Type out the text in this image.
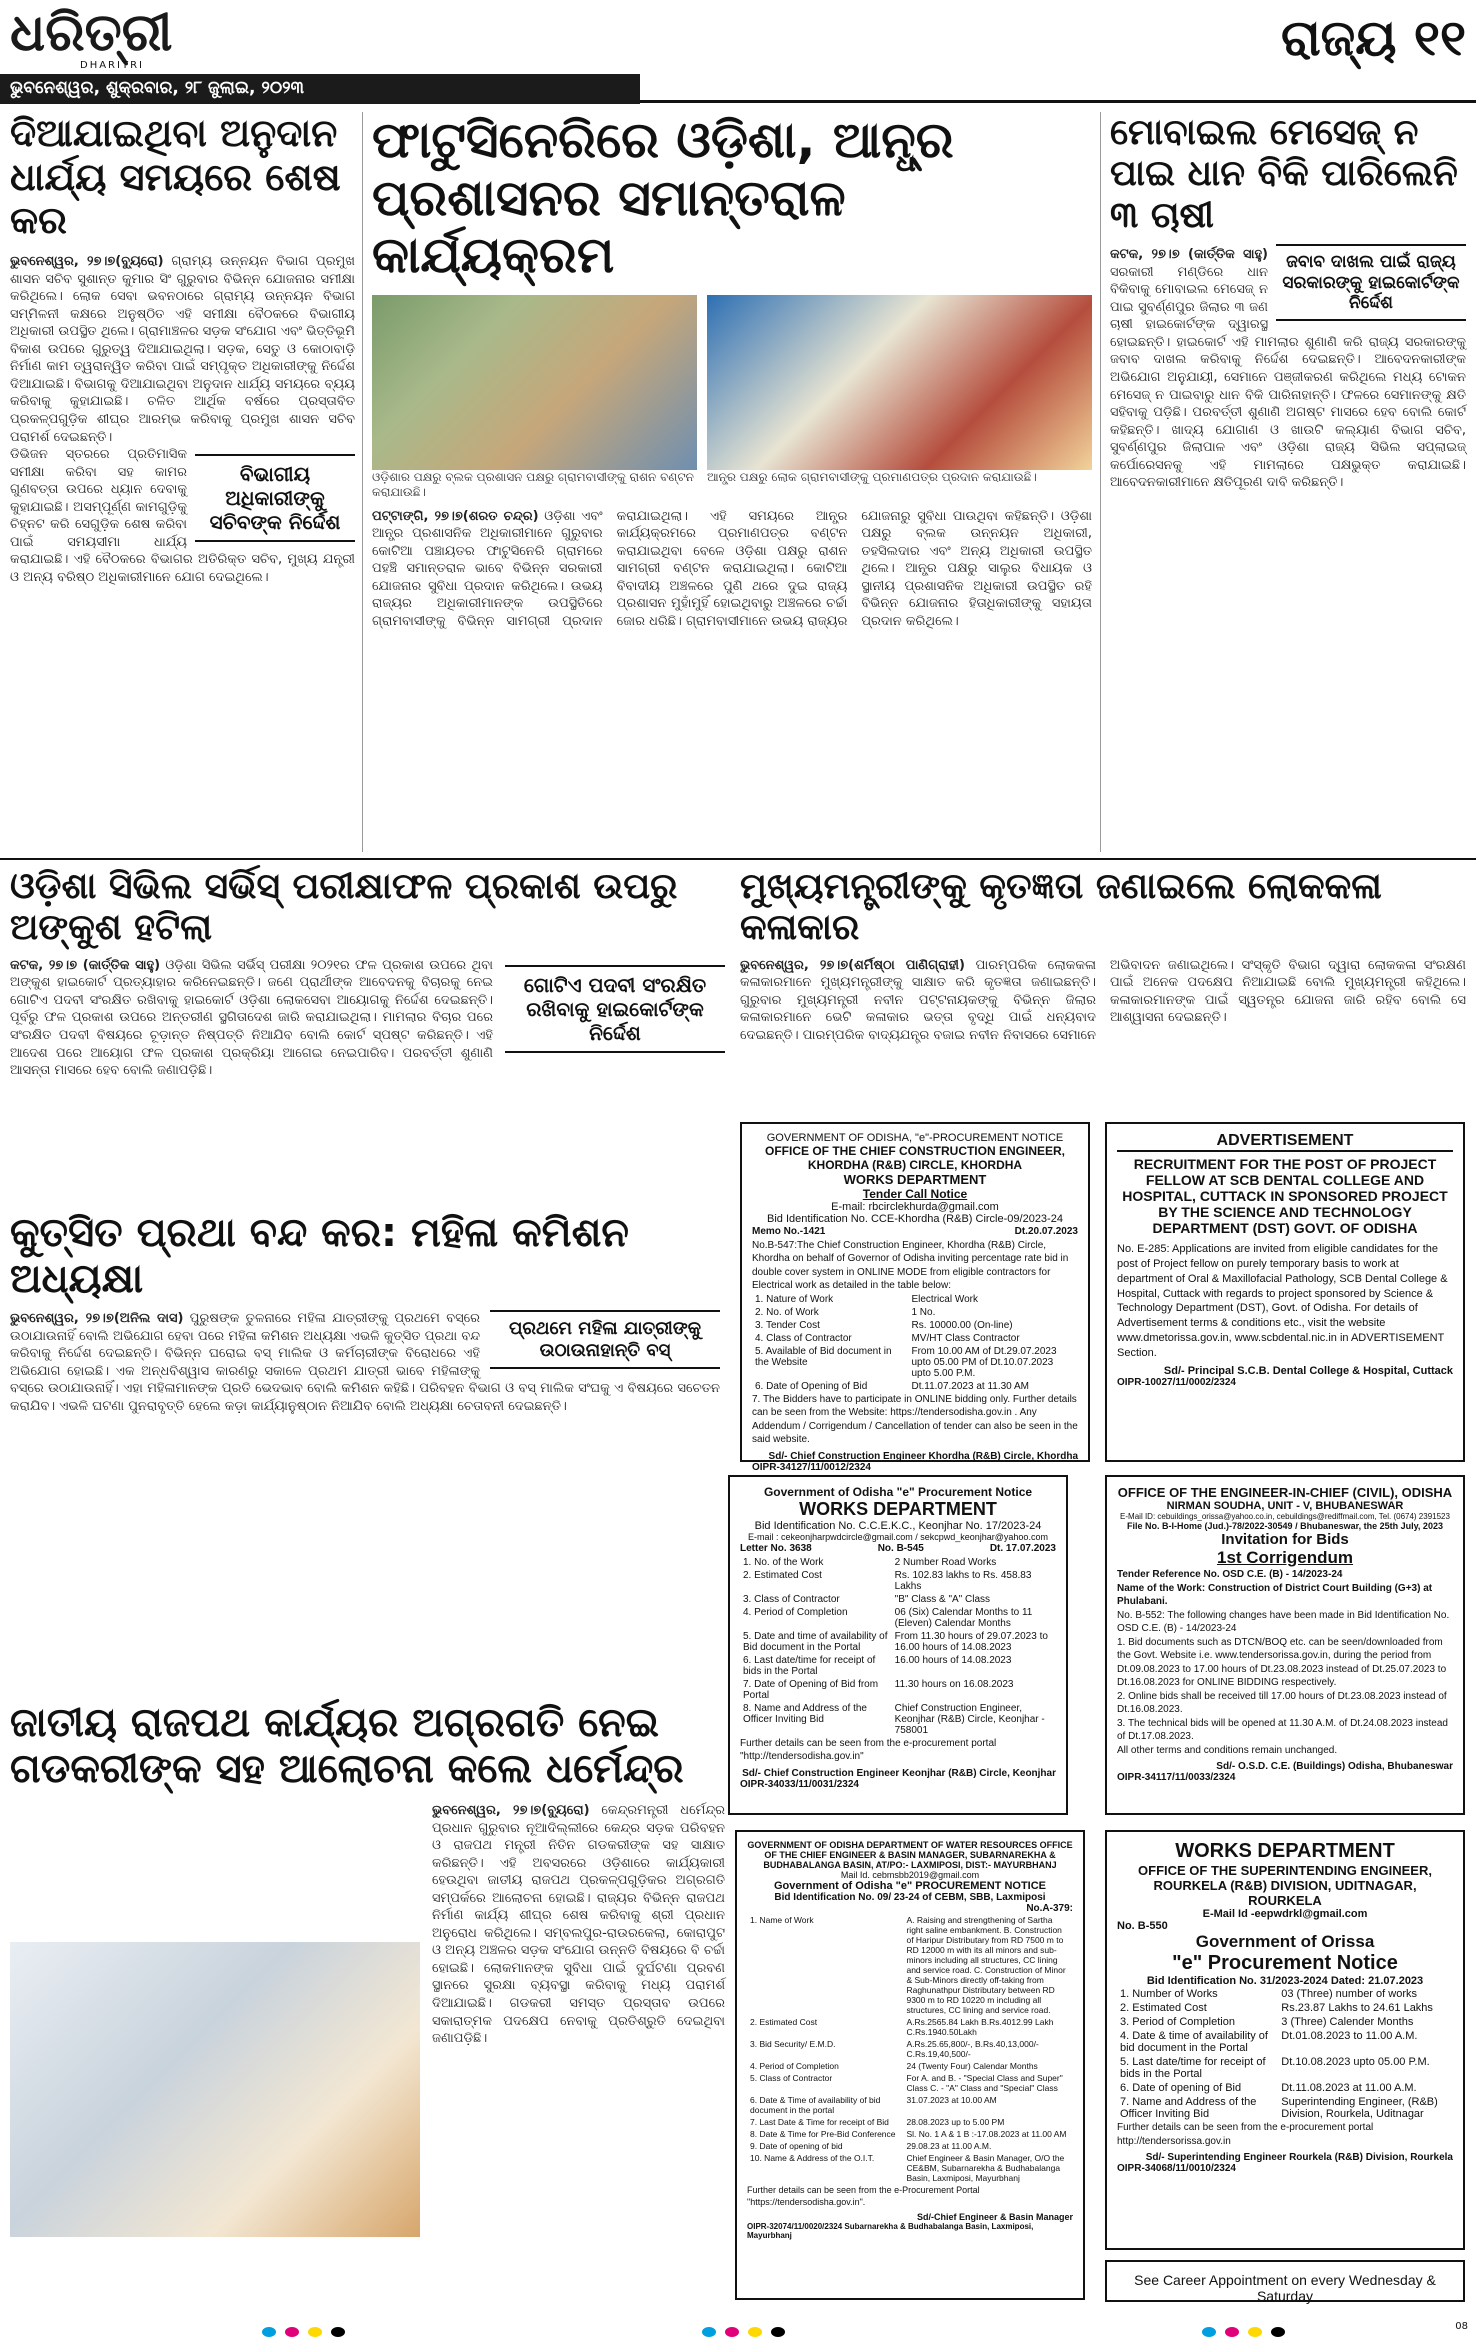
ଧରିତ୍ରୀ
DHARITRI
ଭୁବନେଶ୍ୱର, ଶୁକ୍ରବାର, ୨୮ ଜୁଲାଇ, ୨୦୨୩
ରାଜ୍ୟ ୧୧
ଦିଆଯାଇଥିବା ଅନୁଦାନ ଧାର୍ଯ୍ୟ ସମୟରେ ଶେଷ କର
ଭୁବନେଶ୍ୱର, ୨୭।୭(ବ୍ୟୁରୋ) ଗ୍ରାମ୍ୟ ଉନ୍ନୟନ ବିଭାଗ ପ୍ରମୁଖ ଶାସନ ସଚିବ ସୁଶାନ୍ତ କୁମାର ସିଂ ଗୁରୁବାର ବିଭିନ୍ନ ଯୋଜନାର ସମୀକ୍ଷା କରିଥିଲେ। ଲୋକ ସେବା ଭବନଠାରେ ଗ୍ରାମ୍ୟ ଉନ୍ନୟନ ବିଭାଗ ସମ୍ମିଳନୀ କକ୍ଷରେ ଅନୁଷ୍ଠିତ ଏହି ସମୀକ୍ଷା ବୈଠକରେ ବିଭାଗୀୟ ଅଧିକାରୀ ଉପସ୍ଥିତ ଥିଲେ। ଗ୍ରାମାଞ୍ଚଳର ସଡ଼କ ସଂଯୋଗ ଏବଂ ଭିତ୍ତିଭୂମି ବିକାଶ ଉପରେ ଗୁରୁତ୍ୱ ଦିଆଯାଇଥିଲା। ସଡ଼କ, ସେତୁ ଓ କୋଠାବାଡ଼ି ନିର୍ମାଣ କାମ ତ୍ୱରାନ୍ୱିତ କରିବା ପାଇଁ ସମ୍ପୃକ୍ତ ଅଧିକାରୀଙ୍କୁ ନିର୍ଦ୍ଦେଶ ଦିଆଯାଇଛି। ବିଭାଗକୁ ଦିଆଯାଇଥିବା ଅନୁଦାନ ଧାର୍ଯ୍ୟ ସମୟରେ ବ୍ୟୟ କରିବାକୁ କୁହାଯାଇଛି। ଚଳିତ ଆର୍ଥିକ ବର୍ଷରେ ପ୍ରସ୍ତାବିତ ପ୍ରକଳ୍ପଗୁଡ଼ିକ ଶୀଘ୍ର ଆରମ୍ଭ କରିବାକୁ ପ୍ରମୁଖ ଶାସନ ସଚିବ ପରାମର୍ଶ ଦେଇଛନ୍ତି।
ବିଭାଗୀୟ ଅଧିକାରୀଙ୍କୁ ସଚିବଙ୍କ ନିର୍ଦ୍ଦେଶ
ଡିଭିଜନ ସ୍ତରରେ ପ୍ରତିମାସିକ ସମୀକ୍ଷା କରିବା ସହ କାମର ଗୁଣବତ୍ତା ଉପରେ ଧ୍ୟାନ ଦେବାକୁ କୁହାଯାଇଛି। ଅସମ୍ପୂର୍ଣ୍ଣ କାମଗୁଡ଼ିକୁ ଚିହ୍ନଟ କରି ସେଗୁଡ଼ିକ ଶେଷ କରିବା ପାଇଁ ସମୟସୀମା ଧାର୍ଯ୍ୟ କରାଯାଇଛି। ଏହି ବୈଠକରେ ବିଭାଗର ଅତିରିକ୍ତ ସଚିବ, ମୁଖ୍ୟ ଯନ୍ତ୍ରୀ ଓ ଅନ୍ୟ ବରିଷ୍ଠ ଅଧିକାରୀମାନେ ଯୋଗ ଦେଇଥିଲେ।
ଫାଟୁସିନେରିରେ ଓଡ଼ିଶା, ଆନ୍ଧ୍ର ପ୍ରଶାସନର ସମାନ୍ତରାଳ କାର୍ଯ୍ୟକ୍ରମ
ଓଡ଼ିଶାର ପକ୍ଷରୁ ବ୍ଲକ ପ୍ରଶାସନ ପକ୍ଷରୁ ଗ୍ରାମବାସୀଙ୍କୁ ରାଶନ ବଣ୍ଟନ କରାଯାଉଛି।
ଆନ୍ଧ୍ର ପକ୍ଷରୁ ଲୋକ ଗ୍ରାମବାସୀଙ୍କୁ ପ୍ରମାଣପତ୍ର ପ୍ରଦାନ କରାଯାଉଛି।
ପଟ୍ଟାଙ୍ଗି, ୨୭।୭(ଶରତ ଚନ୍ଦ୍ର) ଓଡ଼ିଶା ଏବଂ ଆନ୍ଧ୍ର ପ୍ରଶାସନିକ ଅଧିକାରୀମାନେ ଗୁରୁବାର କୋଟିଆ ପଞ୍ଚାୟତର ଫାଟୁସିନେରି ଗ୍ରାମରେ ପହଞ୍ଚି ସମାନ୍ତରାଳ ଭାବେ ବିଭିନ୍ନ ସରକାରୀ ଯୋଜନାର ସୁବିଧା ପ୍ରଦାନ କରିଥିଲେ। ଉଭୟ ରାଜ୍ୟର ଅଧିକାରୀମାନଙ୍କ ଉପସ୍ଥିତିରେ ଗ୍ରାମବାସୀଙ୍କୁ ବିଭିନ୍ନ ସାମଗ୍ରୀ ପ୍ରଦାନ କରାଯାଇଥିଲା। ଏହି ସମୟରେ ଆନ୍ଧ୍ର କାର୍ଯ୍ୟକ୍ରମରେ ପ୍ରମାଣପତ୍ର ବଣ୍ଟନ କରାଯାଇଥିବା ବେଳେ ଓଡ଼ିଶା ପକ୍ଷରୁ ରାଶନ ସାମଗ୍ରୀ ବଣ୍ଟନ କରାଯାଇଥିଲା। କୋଟିଆ ବିବାଦୀୟ ଅଞ୍ଚଳରେ ପୁଣି ଥରେ ଦୁଇ ରାଜ୍ୟ ପ୍ରଶାସନ ମୁହାଁମୁହିଁ ହୋଇଥିବାରୁ ଅଞ୍ଚଳରେ ଚର୍ଚ୍ଚା ଜୋର ଧରିଛି। ଗ୍ରାମବାସୀମାନେ ଉଭୟ ରାଜ୍ୟର ଯୋଜନାରୁ ସୁବିଧା ପାଉଥିବା କହିଛନ୍ତି। ଓଡ଼ିଶା ପକ୍ଷରୁ ବ୍ଲକ ଉନ୍ନୟନ ଅଧିକାରୀ, ତହସିଲଦାର ଏବଂ ଅନ୍ୟ ଅଧିକାରୀ ଉପସ୍ଥିତ ଥିଲେ। ଆନ୍ଧ୍ର ପକ୍ଷରୁ ସାଲୁର ବିଧାୟକ ଓ ସ୍ଥାନୀୟ ପ୍ରଶାସନିକ ଅଧିକାରୀ ଉପସ୍ଥିତ ରହି ବିଭିନ୍ନ ଯୋଜନାର ହିତାଧିକାରୀଙ୍କୁ ସହାୟତା ପ୍ରଦାନ କରିଥିଲେ।
ମୋବାଇଲ ମେସେଜ୍ ନ ପାଇ ଧାନ ବିକି ପାରିଲେନି ୩ ଚାଷୀ
ଜବାବ ଦାଖଲ ପାଇଁ ରାଜ୍ୟ ସରକାରଙ୍କୁ ହାଇକୋର୍ଟଙ୍କ ନିର୍ଦ୍ଦେଶ
କଟକ, ୨୭।୭ (କାର୍ତ୍ତିକ ସାହୁ) ସରକାରୀ ମଣ୍ଡିରେ ଧାନ ବିକିବାକୁ ମୋବାଇଲ ମେସେଜ୍ ନ ପାଇ ସୁବର୍ଣ୍ଣପୁର ଜିଲାର ୩ ଜଣ ଚାଷୀ ହାଇକୋର୍ଟଙ୍କ ଦ୍ୱାରସ୍ଥ ହୋଇଛନ୍ତି। ହାଇକୋର୍ଟ ଏହି ମାମଲାର ଶୁଣାଣି କରି ରାଜ୍ୟ ସରକାରଙ୍କୁ ଜବାବ ଦାଖଲ କରିବାକୁ ନିର୍ଦ୍ଦେଶ ଦେଇଛନ୍ତି। ଆବେଦନକାରୀଙ୍କ ଅଭିଯୋଗ ଅନୁଯାୟୀ, ସେମାନେ ପଞ୍ଜୀକରଣ କରିଥିଲେ ମଧ୍ୟ ଟୋକନ ମେସେଜ୍ ନ ପାଇବାରୁ ଧାନ ବିକି ପାରିନାହାନ୍ତି। ଫଳରେ ସେମାନଙ୍କୁ କ୍ଷତି ସହିବାକୁ ପଡ଼ିଛି। ପରବର୍ତ୍ତୀ ଶୁଣାଣି ଅଗଷ୍ଟ ମାସରେ ହେବ ବୋଲି କୋର୍ଟ କହିଛନ୍ତି। ଖାଦ୍ୟ ଯୋଗାଣ ଓ ଖାଉଟି କଲ୍ୟାଣ ବିଭାଗ ସଚିବ, ସୁବର୍ଣ୍ଣପୁର ଜିଲାପାଳ ଏବଂ ଓଡ଼ିଶା ରାଜ୍ୟ ସିଭିଲ ସପ୍ଲାଇଜ୍ କର୍ପୋରେସନକୁ ଏହି ମାମଲାରେ ପକ୍ଷଭୁକ୍ତ କରାଯାଇଛି। ଆବେଦନକାରୀମାନେ କ୍ଷତିପୂରଣ ଦାବି କରିଛନ୍ତି।
ଓଡ଼ିଶା ସିଭିଲ ସର୍ଭିସ୍ ପରୀକ୍ଷାଫଳ ପ୍ରକାଶ ଉପରୁ ଅଙ୍କୁଶ ହଟିଲା
କଟକ, ୨୭।୭ (କାର୍ତ୍ତିକ ସାହୁ) ଓଡ଼ିଶା ସିଭିଲ ସର୍ଭିସ୍ ପରୀକ୍ଷା ୨୦୨୧ର ଫଳ ପ୍ରକାଶ ଉପରେ ଥିବା ଅଙ୍କୁଶ ହାଇକୋର୍ଟ ପ୍ରତ୍ୟାହାର କରିନେଇଛନ୍ତି। ଜଣେ ପ୍ରାର୍ଥୀଙ୍କ ଆବେଦନକୁ ବିଚାରକୁ ନେଇ ଗୋଟିଏ ପଦବୀ ସଂରକ୍ଷିତ ରଖିବାକୁ ହାଇକୋର୍ଟ ଓଡ଼ିଶା ଲୋକସେବା ଆୟୋଗକୁ ନିର୍ଦ୍ଦେଶ ଦେଇଛନ୍ତି। ପୂର୍ବରୁ ଫଳ ପ୍ରକାଶ ଉପରେ ଅନ୍ତରୀଣ ସ୍ଥଗିତାଦେଶ ଜାରି କରାଯାଇଥିଲା। ମାମଲାର ବିଚାର ପରେ ସଂରକ୍ଷିତ ପଦବୀ ବିଷୟରେ ଚୂଡ଼ାନ୍ତ ନିଷ୍ପତ୍ତି ନିଆଯିବ ବୋଲି କୋର୍ଟ ସ୍ପଷ୍ଟ କରିଛନ୍ତି। ଏହି ଆଦେଶ ପରେ ଆୟୋଗ ଫଳ ପ୍ରକାଶ ପ୍ରକ୍ରିୟା ଆଗେଇ ନେଇପାରିବ। ପରବର୍ତ୍ତୀ ଶୁଣାଣି ଆସନ୍ତା ମାସରେ ହେବ ବୋଲି ଜଣାପଡ଼ିଛି।
ଗୋଟିଏ ପଦବୀ ସଂରକ୍ଷିତ ରଖିବାକୁ ହାଇକୋର୍ଟଙ୍କ ନିର୍ଦ୍ଦେଶ
ମୁଖ୍ୟମନ୍ତ୍ରୀଙ୍କୁ କୃତଜ୍ଞତା ଜଣାଇଲେ ଲୋକକଳା କଳାକାର
ଭୁବନେଶ୍ୱର, ୨୭।୭(ଶର୍ମିଷ୍ଠା ପାଣିଗ୍ରାହୀ) ପାରମ୍ପରିକ ଲୋକକଳା କଳାକାରମାନେ ମୁଖ୍ୟମନ୍ତ୍ରୀଙ୍କୁ ସାକ୍ଷାତ କରି କୃତଜ୍ଞତା ଜଣାଇଛନ୍ତି। ଗୁରୁବାର ମୁଖ୍ୟମନ୍ତ୍ରୀ ନବୀନ ପଟ୍ଟନାୟକଙ୍କୁ ବିଭିନ୍ନ ଜିଲାର କଳାକାରମାନେ ଭେଟି କଳାକାର ଭତ୍ତା ବୃଦ୍ଧି ପାଇଁ ଧନ୍ୟବାଦ ଦେଇଛନ୍ତି। ପାରମ୍ପରିକ ବାଦ୍ୟଯନ୍ତ୍ର ବଜାଇ ନବୀନ ନିବାସରେ ସେମାନେ ଅଭିବାଦନ ଜଣାଇଥିଲେ। ସଂସ୍କୃତି ବିଭାଗ ଦ୍ୱାରା ଲୋକକଳା ସଂରକ୍ଷଣ ପାଇଁ ଅନେକ ପଦକ୍ଷେପ ନିଆଯାଇଛି ବୋଲି ମୁଖ୍ୟମନ୍ତ୍ରୀ କହିଥିଲେ। କଳାକାରମାନଙ୍କ ପାଇଁ ସ୍ୱତନ୍ତ୍ର ଯୋଜନା ଜାରି ରହିବ ବୋଲି ସେ ଆଶ୍ୱାସନା ଦେଇଛନ୍ତି।
GOVERNMENT OF ODISHA, "e"-PROCUREMENT NOTICE
OFFICE OF THE CHIEF CONSTRUCTION ENGINEER, KHORDHA (R&B) CIRCLE, KHORDHA
WORKS DEPARTMENT
Tender Call Notice
E-mail: rbcirclekhurda@gmail.com
Bid Identification No. CCE-Khordha (R&B) Circle-09/2023-24
Memo No.-1421	Dt.20.07.2023
No.B-547:The Chief Construction Engineer, Khordha (R&B) Circle, Khordha on behalf of Governor of Odisha inviting percentage rate bid in double cover system in ONLINE MODE from eligible contractors for Electrical work as detailed in the table below:
1. Nature of Work	Electrical Work
2. No. of Work	1 No.
3. Tender Cost	Rs. 10000.00 (On-line)
4. Class of Contractor	MV/HT Class Contractor
5. Available of Bid document in the Website	From 10.00 AM of Dt.29.07.2023 upto 05.00 PM of Dt.10.07.2023 upto 5.00 P.M.
6. Date of Opening of Bid	Dt.11.07.2023 at 11.30 AM
7. The Bidders have to participate in ONLINE bidding only. Further details can be seen from the Website: https://tendersodisha.gov.in . Any Addendum / Corrigendum / Cancellation of tender can also be seen in the said website.
Sd/- Chief Construction Engineer Khordha (R&B) Circle, Khordha
OIPR-34127/11/0012/2324
ADVERTISEMENT
RECRUITMENT FOR THE POST OF PROJECT FELLOW AT SCB DENTAL COLLEGE AND HOSPITAL, CUTTACK IN SPONSORED PROJECT BY THE SCIENCE AND TECHNOLOGY DEPARTMENT (DST) GOVT. OF ODISHA
No. E-285: Applications are invited from eligible candidates for the post of Project fellow on purely temporary basis to work at department of Oral & Maxillofacial Pathology, SCB Dental College & Hospital, Cuttack with regards to project sponsored by Science & Technology Department (DST), Govt. of Odisha. For details of Advertisement terms & conditions etc., visit the website www.dmetorissa.gov.in, www.scbdental.nic.in in ADVERTISEMENT Section.
Sd/- Principal S.C.B. Dental College & Hospital, Cuttack
OIPR-10027/11/0002/2324
କୁତ୍ସିତ ପ୍ରଥା ବନ୍ଦ କର: ମହିଳା କମିଶନ ଅଧ୍ୟକ୍ଷା
ପ୍ରଥମେ ମହିଳା ଯାତ୍ରୀଙ୍କୁ ଉଠାଉନାହାନ୍ତି ବସ୍
ଭୁବନେଶ୍ୱର, ୨୭।୭(ଅନିଲ ଦାସ) ପୁରୁଷଙ୍କ ତୁଳନାରେ ମହିଳା ଯାତ୍ରୀଙ୍କୁ ପ୍ରଥମେ ବସ୍‌ରେ ଉଠାଯାଉନାହିଁ ବୋଲି ଅଭିଯୋଗ ହେବା ପରେ ମହିଳା କମିଶନ ଅଧ୍ୟକ୍ଷା ଏଭଳି କୁତ୍ସିତ ପ୍ରଥା ବନ୍ଦ କରିବାକୁ ନିର୍ଦ୍ଦେଶ ଦେଇଛନ୍ତି। ବିଭିନ୍ନ ଘରୋଇ ବସ୍ ମାଲିକ ଓ କର୍ମଚାରୀଙ୍କ ବିରୋଧରେ ଏହି ଅଭିଯୋଗ ହୋଇଛି। ଏକ ଅନ୍ଧବିଶ୍ୱାସ କାରଣରୁ ସକାଳେ ପ୍ରଥମ ଯାତ୍ରୀ ଭାବେ ମହିଳାଙ୍କୁ ବସ୍‌ରେ ଉଠାଯାଉନାହିଁ। ଏହା ମହିଳାମାନଙ୍କ ପ୍ରତି ଭେଦଭାବ ବୋଲି କମିଶନ କହିଛି। ପରିବହନ ବିଭାଗ ଓ ବସ୍ ମାଲିକ ସଂଘକୁ ଏ ବିଷୟରେ ସଚେତନ କରାଯିବ। ଏଭଳି ଘଟଣା ପୁନରାବୃତ୍ତି ହେଲେ କଡ଼ା କାର୍ଯ୍ୟାନୁଷ୍ଠାନ ନିଆଯିବ ବୋଲି ଅଧ୍ୟକ୍ଷା ଚେତାବନୀ ଦେଇଛନ୍ତି।
Government of Odisha "e" Procurement Notice
WORKS DEPARTMENT
Bid Identification No. C.C.E.K.C., Keonjhar No. 17/2023-24
E-mail : cekeonjharpwdcircle@gmail.com / sekcpwd_keonjhar@yahoo.com
Letter No. 3638	No. B-545	Dt. 17.07.2023
1. No. of the Work	2 Number Road Works
2. Estimated Cost	Rs. 102.83 lakhs to Rs. 458.83 Lakhs
3. Class of Contractor	"B" Class & "A" Class
4. Period of Completion	06 (Six) Calendar Months to 11 (Eleven) Calendar Months
5. Date and time of availability of Bid document in the Portal	From 11.30 hours of 29.07.2023 to 16.00 hours of 14.08.2023
6. Last date/time for receipt of bids in the Portal	16.00 hours of 14.08.2023
7. Date of Opening of Bid from Portal	11.30 hours on 16.08.2023
8. Name and Address of the Officer Inviting Bid	Chief Construction Engineer, Keonjhar (R&B) Circle, Keonjhar - 758001
Further details can be seen from the e-procurement portal "http://tendersodisha.gov.in"
Sd/- Chief Construction Engineer Keonjhar (R&B) Circle, Keonjhar
OIPR-34033/11/0031/2324
OFFICE OF THE ENGINEER-IN-CHIEF (CIVIL), ODISHA
NIRMAN SOUDHA, UNIT - V, BHUBANESWAR
E-Mail ID: cebuildings_orissa@yahoo.co.in, cebuildings@rediffmail.com, Tel. (0674) 2391523
File No. B-I-Home (Jud.)-78/2022-30549 / Bhubaneswar, the 25th July, 2023
Invitation for Bids
1st Corrigendum
Tender Reference No. OSD C.E. (B) - 14/2023-24
Name of the Work: Construction of District Court Building (G+3) at Phulabani.
No. B-552: The following changes have been made in Bid Identification No. OSD C.E. (B) - 14/2023-24
1. Bid documents such as DTCN/BOQ etc. can be seen/downloaded from the Govt. Website i.e. www.tendersorissa.gov.in, during the period from Dt.09.08.2023 to 17.00 hours of Dt.23.08.2023 instead of Dt.25.07.2023 to Dt.16.08.2023 for ONLINE BIDDING respectively.
2. Online bids shall be received till 17.00 hours of Dt.23.08.2023 instead of Dt.16.08.2023.
3. The technical bids will be opened at 11.30 A.M. of Dt.24.08.2023 instead of Dt.17.08.2023.
All other terms and conditions remain unchanged.
Sd/- O.S.D. C.E. (Buildings) Odisha, Bhubaneswar
OIPR-34117/11/0033/2324
ଜାତୀୟ ରାଜପଥ କାର୍ଯ୍ୟର ଅଗ୍ରଗତି ନେଇ ଗଡକରୀଙ୍କ ସହ ଆଲୋଚନା କଲେ ଧର୍ମେନ୍ଦ୍ର
ଭୁବନେଶ୍ୱର, ୨୭।୭(ବ୍ୟୁରୋ) କେନ୍ଦ୍ରମନ୍ତ୍ରୀ ଧର୍ମେନ୍ଦ୍ର ପ୍ରଧାନ ଗୁରୁବାର ନୂଆଦିଲ୍ଲୀରେ କେନ୍ଦ୍ର ସଡ଼କ ପରିବହନ ଓ ରାଜପଥ ମନ୍ତ୍ରୀ ନିତିନ ଗଡକରୀଙ୍କ ସହ ସାକ୍ଷାତ କରିଛନ୍ତି। ଏହି ଅବସରରେ ଓଡ଼ିଶାରେ କାର୍ଯ୍ୟକାରୀ ହେଉଥିବା ଜାତୀୟ ରାଜପଥ ପ୍ରକଳ୍ପଗୁଡ଼ିକର ଅଗ୍ରଗତି ସମ୍ପର୍କରେ ଆଲୋଚନା ହୋଇଛି। ରାଜ୍ୟର ବିଭିନ୍ନ ରାଜପଥ ନିର୍ମାଣ କାର୍ଯ୍ୟ ଶୀଘ୍ର ଶେଷ କରିବାକୁ ଶ୍ରୀ ପ୍ରଧାନ ଅନୁରୋଧ କରିଥିଲେ। ସମ୍ବଲପୁର-ରାଉରକେଲା, କୋରାପୁଟ ଓ ଅନ୍ୟ ଅଞ୍ଚଳର ସଡ଼କ ସଂଯୋଗ ଉନ୍ନତି ବିଷୟରେ ବି ଚର୍ଚ୍ଚା ହୋଇଛି। ଲୋକମାନଙ୍କ ସୁବିଧା ପାଇଁ ଦୁର୍ଘଟଣା ପ୍ରବଣ ସ୍ଥାନରେ ସୁରକ୍ଷା ବ୍ୟବସ୍ଥା କରିବାକୁ ମଧ୍ୟ ପରାମର୍ଶ ଦିଆଯାଇଛି। ଗଡକରୀ ସମସ୍ତ ପ୍ରସ୍ତାବ ଉପରେ ସକାରାତ୍ମକ ପଦକ୍ଷେପ ନେବାକୁ ପ୍ରତିଶ୍ରୁତି ଦେଇଥିବା ଜଣାପଡ଼ିଛି।
GOVERNMENT OF ODISHA DEPARTMENT OF WATER RESOURCES OFFICE OF THE CHIEF ENGINEER & BASIN MANAGER, SUBARNAREKHA & BUDHABALANGA BASIN, AT/PO:- LAXMIPOSI, DIST:- MAYURBHANJ
Mail Id. cebmsbb2019@gmail.com
Government of Odisha "e" PROCUREMENT NOTICE
Bid Identification No. 09/ 23-24 of CEBM, SBB, Laxmiposi
No.A-379:
1. Name of Work	A. Raising and strengthening of Sartha right saline embankment. B. Construction of Haripur Distributary from RD 7500 m to RD 12000 m with its all minors and sub-minors including all structures, CC lining and service road. C. Construction of Minor & Sub-Minors directly off-taking from Raghunathpur Distributary between RD 9300 m to RD 10220 m including all structures, CC lining and service road.
2. Estimated Cost	A.Rs.2565.84 Lakh B.Rs.4012.99 Lakh C.Rs.1940.50Lakh
3. Bid Security/ E.M.D.	A.Rs.25.65,800/-, B.Rs.40,13,000/- C.Rs.19,40,500/-
4. Period of Completion	24 (Twenty Four) Calendar Months
5. Class of Contractor	For A. and B. - "Special Class and Super" Class C. - "A" Class and "Special" Class
6. Date & Time of availability of bid document in the portal	31.07.2023 at 10.00 AM
7. Last Date & Time for receipt of Bid	28.08.2023 up to 5.00 PM
8. Date & Time for Pre-Bid Conference	Sl. No. 1 A & 1 B :-17.08.2023 at 11.00 AM
9. Date of opening of bid	29.08.23 at 11.00 A.M.
10. Name & Address of the O.I.T.	Chief Engineer & Basin Manager, O/O the CE&BM, Subarnarekha & Budhabalanga Basin, Laxmiposi, Mayurbhanj
Further details can be seen from the e-Procurement Portal "https://tendersodisha.gov.in".
Sd/-Chief Engineer & Basin Manager
OIPR-32074/11/0020/2324 Subarnarekha & Budhabalanga Basin, Laxmiposi, Mayurbhanj
WORKS DEPARTMENT
OFFICE OF THE SUPERINTENDING ENGINEER, ROURKELA (R&B) DIVISION, UDITNAGAR, ROURKELA
E-Mail Id -eepwdrkl@gmail.com
No. B-550
Government of Orissa
"e" Procurement Notice
Bid Identification No. 31/2023-2024 Dated: 21.07.2023
1. Number of Works	03 (Three) number of works
2. Estimated Cost	Rs.23.87 Lakhs to 24.61 Lakhs
3. Period of Completion	3 (Three) Calender Months
4. Date & time of availability of bid document in the Portal	Dt.01.08.2023 to 11.00 A.M.
5. Last date/time for receipt of bids in the Portal	Dt.10.08.2023 upto 05.00 P.M.
6. Date of opening of Bid	Dt.11.08.2023 at 11.00 A.M.
7. Name and Address of the Officer Inviting Bid	Superintending Engineer, (R&B) Division, Rourkela, Uditnagar
Further details can be seen from the e-procurement portal http://tendersorissa.gov.in
Sd/- Superintending Engineer Rourkela (R&B) Division, Rourkela
OIPR-34068/11/0010/2324
See Career Appointment on every Wednesday & Saturday

08
